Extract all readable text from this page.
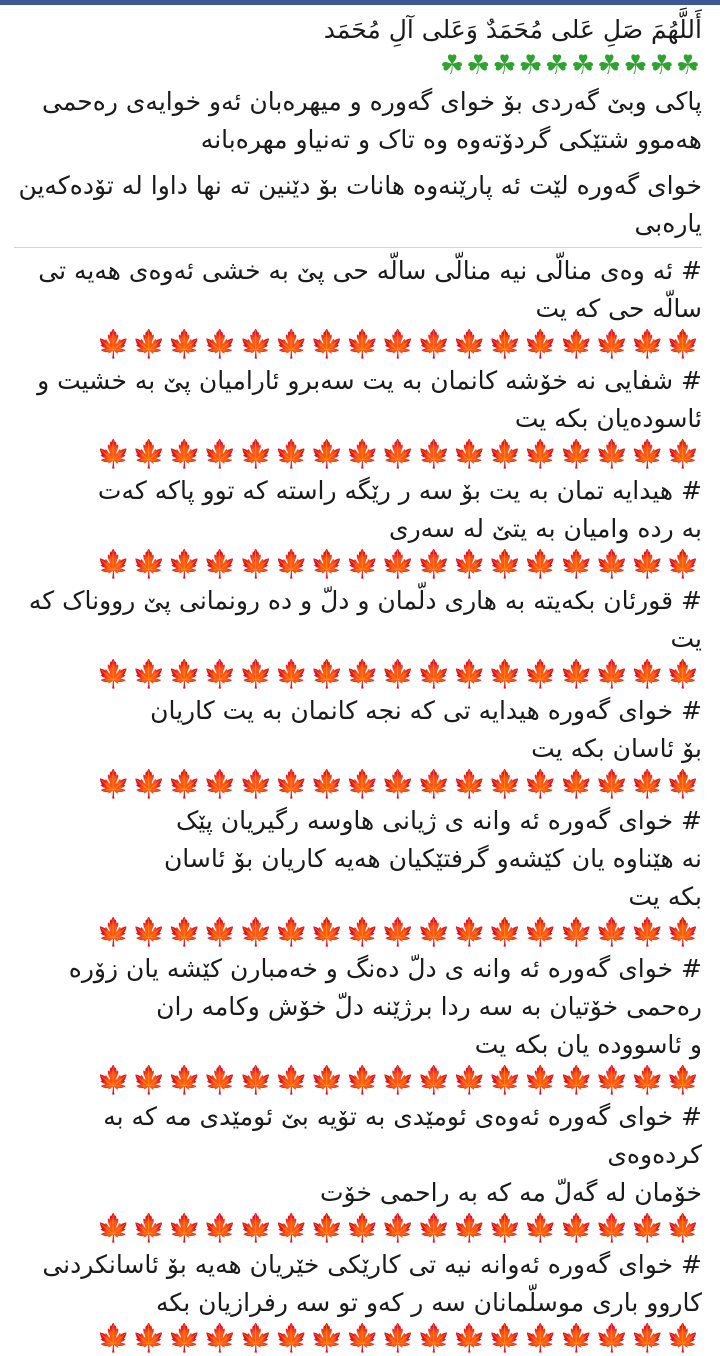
أَللَّهُمَ صَلِ عَلى مُحَمَدٌ وَعَلى آلِ مُحَمَد

☘☘☘☘☘☘☘☘☘☘

پاکی وبێ گەردی بۆ خوای گەورە و میهرەبان ئەو خوایەی رەحمی

هەموو شتێکی گردۆتەوە وە تاک و تەنیاو مهرەبانە

خوای گەورە لێت ئە پارێنەوە هانات بۆ دێنین تە نها داوا لە تۆدەکەین

یارەبی

# ئە وەی منالّی نیە منالّی سالّە حی پێ بە خشی ئەوەی هەیە تی

سالّە حی کە یت

🍁🍁🍁🍁🍁🍁🍁🍁🍁🍁🍁🍁🍁🍁🍁🍁🍁

# شفایی نە خۆشە کانمان بە یت سەبرو ئارامیان پێ بە خشیت و

ئاسودەیان بکە یت

🍁🍁🍁🍁🍁🍁🍁🍁🍁🍁🍁🍁🍁🍁🍁🍁🍁

# هیدایە تمان بە یت بۆ سە ر رێگە راستە کە توو پاکە کەت

بە ردە وامیان بە یتێ لە سەری

🍁🍁🍁🍁🍁🍁🍁🍁🍁🍁🍁🍁🍁🍁🍁🍁🍁

# قورئان بکەیتە بە هاری دلّمان و دلّ و دە رونمانی پێ رووناک کە یت

🍁🍁🍁🍁🍁🍁🍁🍁🍁🍁🍁🍁🍁🍁🍁🍁🍁

# خوای گەورە هیدایە تی کە نجە کانمان بە یت کاریان

بۆ ئاسان بکە یت

🍁🍁🍁🍁🍁🍁🍁🍁🍁🍁🍁🍁🍁🍁🍁🍁🍁

# خوای گەورە ئە وانە ی ژیانی هاوسە رگیریان پێک

نە هێناوە یان کێشەو گرفتێکیان هەیە کاریان بۆ ئاسان

بکە یت

🍁🍁🍁🍁🍁🍁🍁🍁🍁🍁🍁🍁🍁🍁🍁🍁🍁

# خوای گەورە ئە وانە ی دلّ دەنگ و خەمبارن کێشە یان زۆرە

رەحمی خۆتیان بە سە ردا برژێنە دلّ خۆش وکامە ران

و ئاسوودە یان بکە یت

🍁🍁🍁🍁🍁🍁🍁🍁🍁🍁🍁🍁🍁🍁🍁🍁🍁

# خوای گەورە ئەوەی ئومێدی بە تۆیە بێ ئومێدی مە کە بە کردەوەی

خۆمان لە گەلّ مە کە بە راحمی خۆت

🍁🍁🍁🍁🍁🍁🍁🍁🍁🍁🍁🍁🍁🍁🍁🍁🍁

# خوای گەورە ئەوانە نیە تی کارێکی خێریان هەیە بۆ ئاسانکردنی

کاروو باری موسلّمانان سە ر کەو تو سە رفرازیان بکە

🍁🍁🍁🍁🍁🍁🍁🍁🍁🍁🍁🍁🍁🍁🍁🍁🍁
